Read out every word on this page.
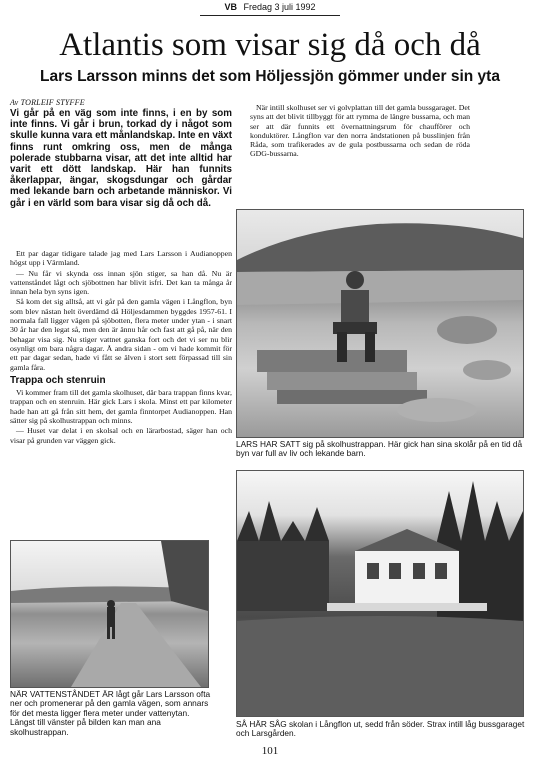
VB Fredag 3 juli 1992
Atlantis som visar sig då och då
Lars Larsson minns det som Höljessjön gömmer under sin yta
Av TORLEIF STYFFE

Vi går på en väg som inte finns, i en by som inte finns. Vi går i brun, torkad dy i något som skulle kunna vara ett månlandskap. Inte en växt finns runt omkring oss, men de många polerade stubbarna visar, att det inte alltid har varit ett dött landskap. Här han funnits åkerlappar, ängar, skogsdungar och gårdar med lekande barn och arbetande människor. Vi går i en värld som bara visar sig då och då.

Ett par dagar tidigare talade jag med Lars Larsson i Audianoppen högst upp i Värmland.

— Nu får vi skynda oss innan sjön stiger, sa han då. Nu är vattenståndet lågt och sjöbottnen har blivit isfri. Det kan ta många år innan hela byn syns igen.

Så kom det sig alltså, att vi går på den gamla vägen i Långflon, byn som blev nästan helt överdämd då Höljesdammen byggdes 1957-61. I normala fall ligger vägen på sjöbotten, flera meter under ytan - i snart 30 år har den legat så, men den är ännu hår och fast att gå på, när den behagar visa sig. Nu stiger vattnet ganska fort och det vi ser nu blir osynligt om bara några dagar. Å andra sidan - om vi hade kommit för ett par dagar sedan, hade vi fått se älven i stort sett förpassad till sin gamla fåra.

Trappa och stenruin

Vi kommer fram till det gamla skolhuset, där bara trappan finns kvar, trappan och en stenruin. Här gick Lars i skola. Minst ett par kilometer hade han att gå från sitt hem, det gamla finntorpet Audianoppen. Han sätter sig på skolhustrappan och minns.

— Huset var delat i en skolsal och en lärarbostad, säger han och visar på grunden var väggen gick.

När intill skolhuset ser vi golvplattan till det gamla bussgaraget. Det syns att det blivit tillbyggt för att rymma de längre bussarna, och man ser att där funnits ett övernattningsrum för chaufförer och konduktörer. Långflon var den norra ändstationen på busslinjen från Råda, som trafikerades av de gula postbussarna och sedan de röda GDG-bussarna.

LARS HAR SATT sig på skolhustrappan. Här gick han sina skolår på en tid då byn var full av liv och lekande barn.

NÄR VATTENSTÅNDET ÄR lågt går Lars Larsson ofta ner och promenerar på den gamla vägen, som annars för det mesta ligger flera meter under vattenytan. Längst till vänster på bilden kan man ana skolhustrappan.

SÅ HÄR SÅG skolan i Långflon ut, sedd från söder. Strax intill låg bussgaraget och Larsgården.

101
